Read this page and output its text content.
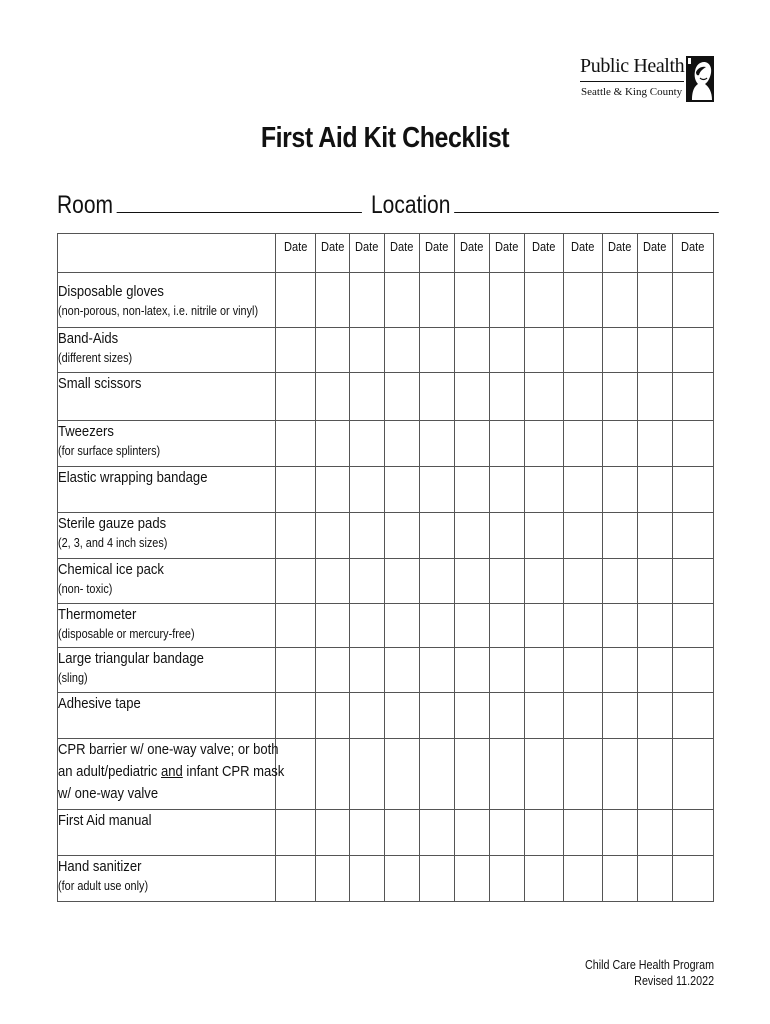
Public Health
Seattle & King County
First Aid Kit Checklist
Room	Location
	Date	Date	Date	Date	Date	Date	Date	Date	Date	Date	Date	Date

Disposable gloves
(non-porous, non-latex, i.e. nitrile or vinyl)												

Band-Aids
(different sizes)												

Small scissors												

Tweezers
(for surface splinters)												

Elastic wrapping bandage												

Sterile gauze pads
(2, 3, and 4 inch sizes)												

Chemical ice pack
(non- toxic)												

Thermometer
(disposable or mercury-free)												

Large triangular bandage
(sling)												

Adhesive tape												

CPR barrier w/ one-way valve; or both
an adult/pediatric and infant CPR mask
w/ one-way valve												

First Aid manual												

Hand sanitizer
(for adult use only)												

Child Care Health Program
Revised 11.2022
